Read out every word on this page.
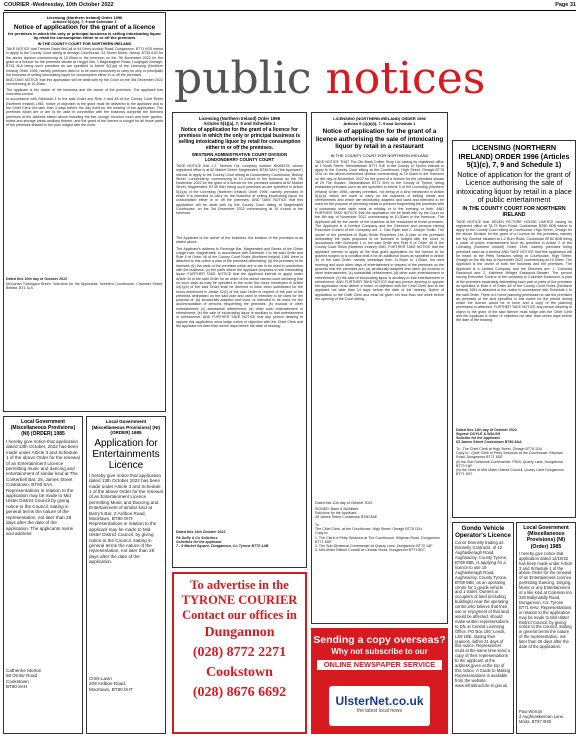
COURIER -Wednesday, 10th October 2022	Page 31
public notices
Licensing (Northern Ireland) Order 1996
Articles 5(1)(a), 7, 9 and Schedule 1
Notice of application for the grant of a licence
for premises in which the only or principal business is selling intoxicating liquor by retail for consumption either in or off the premises
IN THE COUNTY COURT FOR NORTHERN IRELAND
TAKE NOTICE that Trehorn David McCall of 44 Derry-scollop Road, Dungannon, BT71 6SS intend to apply to the County Court sitting at Armagh Courthouse, 33 Seven Street, Newry, BT35 6JD for the above division commencing at 10.00am in the forenoon on the 7th November 2022 for the grant of a licence for the premises situate at Hegg's Bar, 1 Bagnalagher Road, Loughgall, Armagh, BT61 8LA being such premises as are specified in Article 5(1)(a) of the Licensing (Northern Ireland) Order 1996, namely premises used or to be used exclusively to carry on only or principally the business of selling intoxicating liquor for consumption either in or off the premises.
AND TAKE NOTICE that this application will be dealt with by the Court on the 3rd December 2022 commencing at 10.30am.
The applicant is the owner of the business and the owner of the premises. The applicant has executive control.
In accordance with Schedule 1 to the said Order and Rule 4 and 4A of the County Court Rules (Northern Ireland) 1981, notice of objection to the grant must be delivered to the applicant and to the Chief Clerk not later than 3 days before the day fixed for the hearing of the application. The premises which are or are to be used in connection with the business comprise the licensed premises at the address stated above including the bar, lounge, function room and beer garden, toilets and storage areas ancillary thereto, and the grant of the licence is sought for all those parts of the premises shaded in the plan lodged with the court.
Dated this 10th day of October 2022
McCartan Turkington Breen, Solicitors for the Applicants, Northern Courthouse, Chamber Street, Belfast, BT1 4LS
Local Government (Miscellaneous Provisions) (NI) (ORDER) 1985
I hereby give notice that application dated 13th October, 2022 has been made under Article 3 and Schedule 1 of the above Order for the renewal of an Entertainment Licence permitting music and dancing and entertainment of similar kind at The Corkerbell Bar, 25, James Street Cookstown, BT80 8AA. Representations in relation to the application may be made to Mid Ulster District Council by giving notice to the Council, stating in general terms the nature of the representation, not later than 28 days after the date of the application. The applicants name and address:
Catherine Morton
68 Omlor Road
Cookstown
BT80 8AH
Local Government (Miscellaneous Provisions) (NI) (ORDER) 1985
Application for Entertainments Licence
I hereby give notice that application dated 13th October 2022 has been made under Article 3 and Schedule 1 of the above Order for the renewal of an Entertainment Licence permitting Music and Dancing and Entertainment of similar kind at Barry's Bar, 2 Ardboe Road, Moortown, BT80 0HT. Representations in relation to the applicant may be made to Mid Ulster District Council, by giving notice to the Council, stating in general terms the nature of the representation, not later than 28 days after the date of the application.
Chris Lavin
209 Ardboe Road,
Moortown, BT80 0HT
Licensing (Northern Ireland) Order 1996
Articles 5(1)(a), 7, 9 and Schedule 1
Notice of application for the grant of a licence for premises in which the only or principal business is selling intoxicating liquor by retail for consumption either in or off the premises.
WESTERN ADMINISTRATIVE COURT DIVISION LONDONDERRY COUNTY COURT
TAKE NOTICE that J.J. Taverns Ltd, company number NI065378, whose registered office is at 62 Market Street, Magherafelt, BT45 5AH ("the Applicant") intends to apply to the County Court sitting at Londonderry Courthouse, Bishop Street, Londonderry, commencing at 10 o'clock in the forenoon on the 7th November 2022 for the grant of a licence for the premises situated at 62 Market Street, Magherafelt, BT45 5AH being such premises as are specified in Article 5(1)(a) of the Licensing (Northern Ireland) Order 1996, namely premises in which it is intended to carry on the business of selling intoxicating liquor for consumption either in or off the premises. AND TAKE NOTICE that this application will be dealt with by the County Court sitting at Magherafelt Courthouse, on the 3rd December 2022 commencing at 10 o'clock in the forenoon.
The Applicant is the owner of the business, the location of the premises is as stated above.
The Applicant's address is Flemings Bar, Magherafelt and Banks of the Glebe Lodge road, Magherafelt. In accordance with Schedule 1 to the said Order and Rule 4 of Order 48 of the County Court Rules (Northern Ireland) 1981 there is attached to this notice a plan of the premises delineating: (a) the premises to be licensed; (b) the parts of the premises which are or are to be used in connection with the business; (c) the parts where the applicant proposes to sell intoxicating liquor. FURTHER TAKE NOTICE that the Applicant intends to apply under Article 44 of the said Order for an order of the above named court declaring that on such days as may be specified in the order the hours mentioned in Article 44(1)(b) of the said Order shall be deemed to have been substituted for the hours mentioned in Article 42(1) of the said Order in respect of the part of the premises delineated on the said plan and used or intended to be used for the purpose of: (a) structurally adapted and used, or intended to be used, for the accommodation of persons frequenting the premises; (b) musical or other entertainment; (c) substantial refreshment; (d) other such entertainment or refreshment; (e) the sale of intoxicating liquor is ancillary to that entertainment or refreshment. AND FURTHER TAKE NOTICE that any person desiring to oppose this application must lodge notice of objection with the Chief Clerk and the applicant not later than seven days before the date of hearing.
Dated this 14th October 2022
PA Duffy & Co Solicitors
Solicitors for the applicant
7 - 9 Market Square, Dungannon, Co Tyrone BT70 1AB
To advertise in the
TYRONE COURIER
Contact our offices in
Dungannon
(028) 8772 2271
Cookstown
(028) 8676 6692
LICENSING (NORTHERN IRELAND) ORDER 1996
Articles 5 (1)(b)(i), 7, 9 and Schedule 1
Notice of application for the grant of a licence authorising the sale of intoxicating liquor by retail in a restaurant
IN THE COUNTY COURT FOR NORTHERN IRELAND
TAKE NOTICE THAT The Old Bank Coffee Shop Ltd having its registered office at 1 North Street, Stewartstown BT71 5JE in the County of Tyrone intends to apply to the County Court sitting at the Courthouse, High Street, Omagh BT78 1DU on the above-mentioned division commencing at 10.00am in the forenoon on 8th day of November 2022 for the grant of a licence for the premises situate at 25 The Square, Stewartstown BT71 5HX in the County of Tyrone, being restaurant premises such as are specified in Article 5 of the Licensing (Northern Ireland) Order 1996, namely premises, not being of a kind mentioned in Article 5(1)(a), which are used to carry on the business of selling meals and refreshments and which are structurally adapted and used and intended to be used for the purpose of providing meals to persons frequenting the premises with a customary main table meal at midday or in the evening or both. AND FURTHER TAKE NOTICE that the application will be dealt with by the Court on the 8th day of November 2022 commencing at 10.30am in the forenoon. The Applicant will be the owner of the business at the restaurant at those premises. The Applicant is a Limited Company and the Directors and persons having Executive Control of the Company are: 1. Dan Ryan and 2. Joseph Smith. The owner of the premises is Ryan Smith Properties Ltd. A plan of the premises delineating the parts proposed to be licensed is lodged with the court. In accordance with Schedule 1 to the said Order and Rule 5 of Order 48 of the County Court Rules (Northern Ireland) 1981. FURTHER TAKE NOTICE that the applicant intends to apply at the final grant application for the licence to be granted subject to a condition that it be an additional hours as specified in Article 44 of the said Order, namely weekdays from 11.00pm to 1.00am, the next morning and such other days of entertainment in respect of the premises on the grounds that the premises are: (a) structurally adapted and used; (b) musical or other entertainment; (c) substantial refreshment; (d) other such entertainment or refreshment; (e) the sale of intoxicating liquor is ancillary to that entertainment or refreshment. AND FURTHER TAKE NOTICE that any person desiring to oppose the application must deliver a notice of objection with the Chief Clerk and to the applicant not later than 14 days before the date of the hearing. Notice of application to the Chief Clerk and must be given not less than one week before the opening of the Court sitting.
Dated this 11th day of October 2022
SIGNED: Bann & McAlister
Solicitors for the Applicant
45 James Street Cookstown BT80 8AE
To
The Chief Clerk, at the Courthouse, High Street, Omagh BT78 1DU
Copy to:
1. The Clerk of Petty Sessions at The Courthouse, Killyman Road, Dungannon BT71 6DE
2. The Sub-Divisional Commander at Quarry Lane, Dungannon BT70 1AF
3. Mid Ulster District Council at Circular Road, Dungannon BT71 6DT
Sending a copy overseas?
Why not subscribe to our
ONLINE NEWSPAPER SERVICE
UlsterNet.co.uk
the latest local news
LICENSING (NORTHERN IRELAND) ORDER 1996 (Articles 5(1)(c), 7, 9 and Schedule 1)
Notice of application for the grant of Licence authorising the sale of intoxicating liquor by retail in a place of public entertainment
IN THE COUNTY COURT FOR NORTHERN IRELAND
TAKE NOTICE that SEVEN PICTURE HOUSE LIMITED having its registered office at 78-79 Burn Road, Cookstown BT80 8DB intend to apply to the County Court sitting at Courthouse, High Street, Omagh for the above Division for the grant of a Licence for the premises, namely the 'My Cinema' situated at 1-2 Burn Road, Cookstown BT80 8DB being a place of public entertainment such as specified in Article 2 of the Licensing (Northern Ireland) Order 1996, namely premises being premises used as a cinema AND TAKE NOTICE that this application will be heard at the Petty Sessions sitting at Courthouse, High Street, Omagh on the 8th day of November 2022 commencing at 10.30am. The Applicant is the owner of both the business and the premises. The Applicant is a Limited Company and the Directors are: 1. Columba Eastwood and 2. Kathleen Bridget Eastwood-Stewart. The person having Executive Control of the company is Columba Eastwood. A plan of the premises separately delineating each part or parts of the premises as specified in Rule 6 of Order 48 of the County Court Rules (Northern Ireland) 1981 is attached to the notice in accordance with Schedule 1 to the said Order. There is in force planning permission to use the premises as premises of the kind specified in this notice for the period during which the licence would be in force and a copy of the planning permission is attached. FURTHER TAKE NOTICE any person desiring to object to the grant of the said licence must lodge with the Chief Clerk and the Applicant a notice of objection not later than seven days before the date of the hearing.
Dated this 11th day of October 2022
Signed: DOYLE & WALSH
Solicitor for the Applicant
63 James Street Cookstown BT80 8AA
To : The Chief Clerk at High Street, Omagh BT78 1DU
Copy to : (i)the Clerk of Petty Sessions at the Courthouse, Killyman Road, Dungannon BT71 6DE
(ii) the Sub Divisional Commander, PSNI, Quarry Lane, Dungannon BT70 1AF
(iii) the Clerk of Mid Ulster District Council, Quarry Lane Dungannon BT71 6DT
Gondo Vehicle Operator's Licence
Conor Donnelly trading as Donnelly Contracts, of 10 Aughaskeragh Road, Aughnacloy, County Tyrone, BT69 6BE, is applying for a licence to use 18 Aughaskeragh Road, Aughnacloy, County Tyrone, BT69 6BE, as an operating centre for 1 goods vehicle and 1 trailer. Owners or occupiers of land (including buildings) near the operating centre who believe that their use or enjoyment of that land would be affected, should make written representations to DfL at Central Licensing Office, PO Box 180, Leeds, LS9 1BE, stating their reasons, within 21 days of this notice. Representors must at the same time send a copy of their representations to the applicant at the address given at the top of this notice. A Guide to Making Representations is available from the website: www.infrastructure-ni.gov.uk
Local Government (Miscellaneous Provisions) (NI) (Order) 1985
I hereby give notice that application dated 12/10/22 has been made under Article 3 and Schedule 1 of the above Order for the renewal of an Entertainment Licence permitting Dancing, Singing, Music or any Entertainment of a like kind at Coleman Inn, 220 Ballynakilly Road, Dungannon, Co. Tyrone BT71 6HU. Representations in relation to the application may be made to Mid Ulster District Council, by giving notice to the Council, stating in general terms the nature of the representation, not later than 28 days after the date of the application.
Paul Worrall
2 Aughnaskeenan Lane,
Moira, BT67 0HB
